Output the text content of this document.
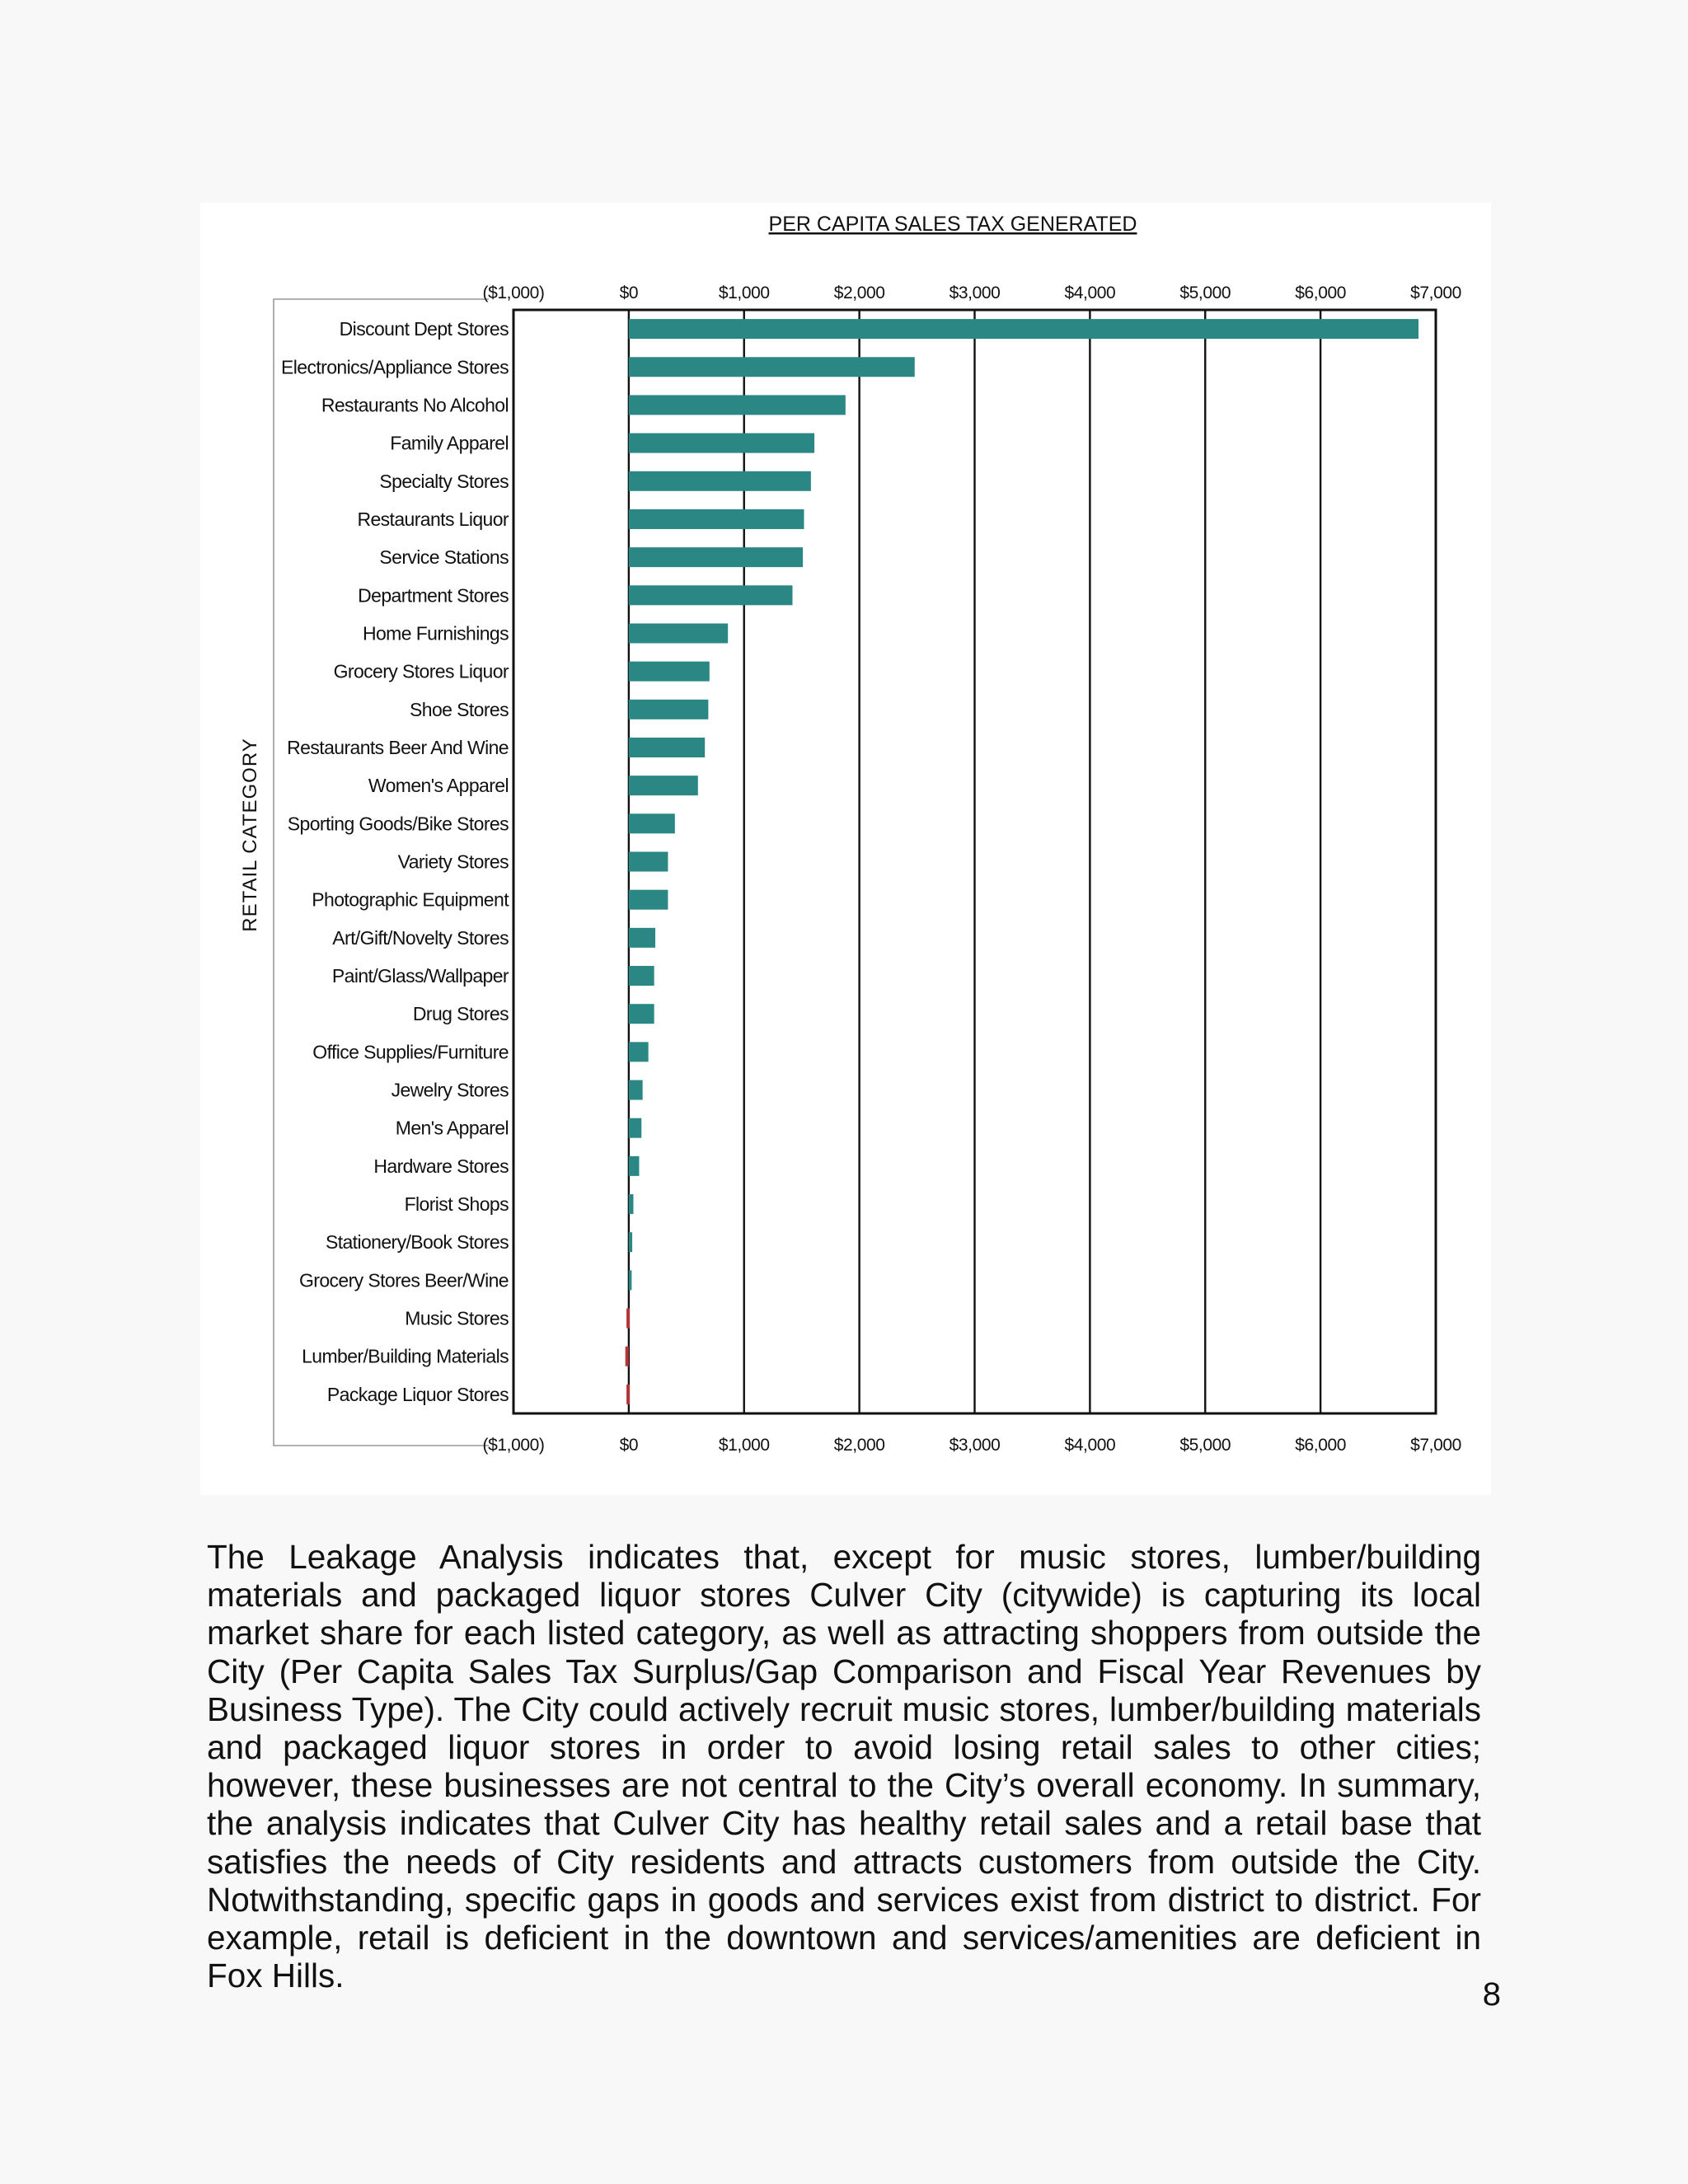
PER CAPITA SALES TAX GENERATED
Discount Dept Stores
Electronics/Appliance Stores
Restaurants No Alcohol
Family Apparel
Specialty Stores
Restaurants Liquor
Service Stations
Department Stores
Home Furnishings
Grocery Stores Liquor
Shoe Stores
Restaurants Beer And Wine
Women's Apparel
Sporting Goods/Bike Stores
Variety Stores
Photographic Equipment
Art/Gift/Novelty Stores
Paint/Glass/Wallpaper
Drug Stores
Office Supplies/Furniture
Jewelry Stores
Men's Apparel
Hardware Stores
Florist Shops
Stationery/Book Stores
Grocery Stores Beer/Wine
Music Stores
Lumber/Building Materials
Package Liquor Stores
($1,000)
($1,000)
$0
$0
$1,000
$1,000
$2,000
$2,000
$3,000
$3,000
$4,000
$4,000
$5,000
$5,000
$6,000
$6,000
$7,000
$7,000
RETAIL CATEGORY

The Leakage Analysis indicates that, except for music stores, lumber/building materials and packaged liquor stores Culver City (citywide) is capturing its local market share for each listed category, as well as attracting shoppers from outside the City (Per Capita Sales Tax Surplus/Gap Comparison and Fiscal Year Revenues by Business Type). The City could actively recruit music stores, lumber/building materials and packaged liquor stores in order to avoid losing retail sales to other cities; however, these businesses are not central to the City’s overall economy. In summary, the analysis indicates that Culver City has healthy retail sales and a retail base that satisfies the needs of City residents and attracts customers from outside the City. Notwithstanding, specific gaps in goods and services exist from district to district. For example, retail is deficient in the downtown and services/amenities are deficient in Fox Hills.	8
